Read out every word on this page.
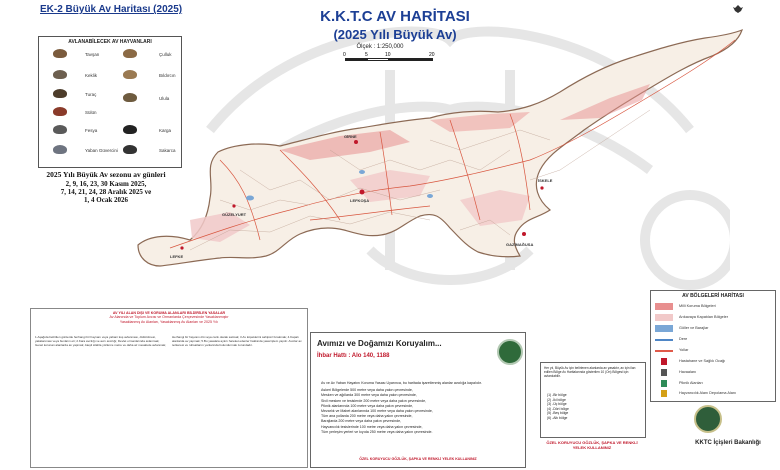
EK-2 Büyük Av Haritası (2025)	K.K.T.C AV HARİTASI
(2025 Yılı Büyük Av)
Ölçek : 1:250,000
0	5	10	20
AVLANABİLECEK AV HAYVANLARI
Tavşan
Keklik
Turaç
Sülün
Fesya
Yaban Güvercini
Çulluk
Bıldırcın
Ulula
Karga
Sakarca
2025 Yılı Büyük Av sezonu av günleri
2, 9, 16, 23, 30 Kasım 2025,
7, 14, 21, 24, 28 Aralık 2025 ve
1, 4 Ocak 2026	LEFKOŞA
GİRNE
GAZİMAĞUSA
GÜZELYURT
İSKELE
LEFKE
AV YILI ALAN DIŞI VE KORUMA ALANLARI BİLDİRİLEN YASALAR
Av Alanında ve Toplum Avcısı ve Ormanlarda Çerçevesinde Yasaklanmıştır
Yasaklanmış Av Alanları, Yasaklanmış Av Alanları ve 2025 Yılı
1.Aşağıda belirtilen günlerde herhangi bir hayvanı veya yabani kuş avlanması, öldürülmesi, yakalanması veya bunların eti; 2.Kara avcılığı ve avcı avcılığı; Devlet ormanlarında avlanmak; Genel korunan alanlarda av yapmak; Ateşli silahla yüzlerce metre ve daha az mesafede avlanmak; Herhangi bir hayvanı ölü veya canlı olarak satmak; 3.Av köpeklerini sahipsiz bırakmak; 4.Kapalı alanlarda av yapmak; 5.Bu yasalara aykırı hareket edenler hakkında yasal işlem yapılır. Avcılar av tezkeresi ve ruhsatlarını yanlarında bulundurmak zorundadır.	Avımızı ve Doğamızı Koruyalım...
İhbar Hattı : Alo 140, 1188
Av ve Av Yaban Hayatını Koruma Yasası Uyarınca, bu haritada işaretlenmiş alanlar avcılığa kapalıdır.
Askeri Bölgelerde 500 metre veya daha yakın çevresinde,
Mesken ve ağıllarda 300 metre veya daha yakın çevresinde,
Sivil mesken ve tesislerde 200 metre veya daha yakın çevresinde,
Piknik alanlarında 100 metre veya daha yakın çevresinde,
Mezarlık ve Mabet alanlarında 100 metre veya daha yakın çevresinde,
Tüm ana yollarda 200 metre veya daha yakın çevresinde,
Barajlarda 200 metre veya daha yakın çevresinde,
Hayvancılık tesislerinde 100 metre veya daha yakın çevresinde,
Tüm yerleşim yerleri ve kıyıda 250 metre veya daha yakın çevresinde.
ÖZEL KORUYUCU GÖZLÜK, ŞAPKA VE RENKLİ YELEK KULLANINIZ
AV BÖLGELERİ HARİTASI
Milli Koruma Bölgeleri
Arıkavaya Kapatılan Bölgeler
Göller ve Barajlar
Dere
Yollar
Hastahane ve Sağlık Ocağı
Havaalanı
Piknik Alanları
Hayvancılık Alanı Depolama Alanı
Her yıl, Büyük Av için belirlenen alanlarda av yasaktır, av için ilan edilen Bölge Av Haritalarında gösterilen 10 (On) Bölgesi için avlanılabilir.
(1) -Bir bölge
(2) -İki bölge
(3) -Üç bölge
(4) -Dört bölge
(5) -Beş bölge
(6) -Altı bölge
ÖZEL KORUYUCU GÖZLÜK, ŞAPKA VE RENKLİ YELEK KULLANINIZ
KKTC İçişleri Bakanlığı
